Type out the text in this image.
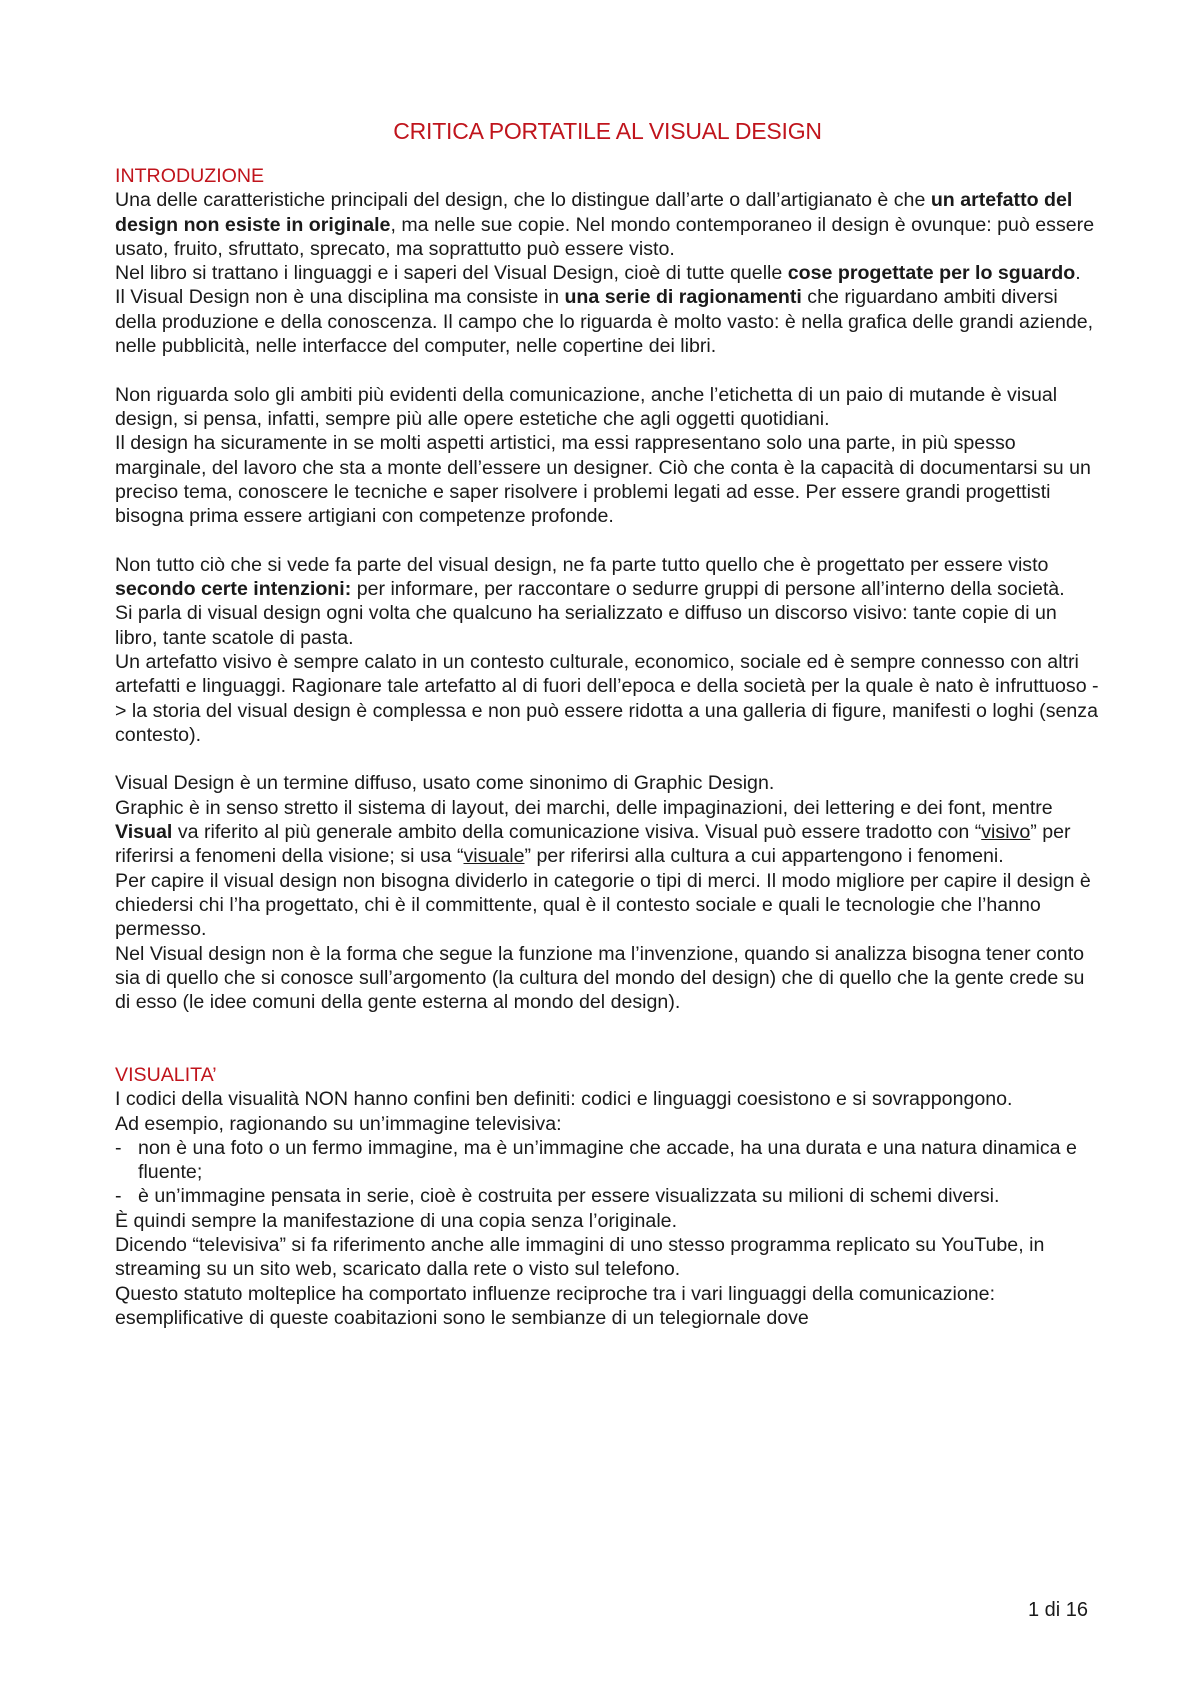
CRITICA PORTATILE AL VISUAL DESIGN
INTRODUZIONE

Una delle caratteristiche principali del design, che lo distingue dall’arte o dall’artigianato è che un artefatto del design non esiste in originale, ma nelle sue copie. Nel mondo contemporaneo il design è ovunque: può essere usato, fruito, sfruttato, sprecato, ma soprattutto può essere visto.

Nel libro si trattano i linguaggi e i saperi del Visual Design, cioè di tutte quelle cose progettate per lo sguardo.

Il Visual Design non è una disciplina ma consiste in una serie di ragionamenti che riguardano ambiti diversi della produzione e della conoscenza. Il campo che lo riguarda è molto vasto: è nella grafica delle grandi aziende, nelle pubblicità, nelle interfacce del computer, nelle copertine dei libri.

Non riguarda solo gli ambiti più evidenti della comunicazione, anche l’etichetta di un paio di mutande è visual design, si pensa, infatti, sempre più alle opere estetiche che agli oggetti quotidiani.

Il design ha sicuramente in se molti aspetti artistici, ma essi rappresentano solo una parte, in più spesso marginale, del lavoro che sta a monte dell’essere un designer. Ciò che conta è la capacità di documentarsi su un preciso tema, conoscere le tecniche e saper risolvere i problemi legati ad esse. Per essere grandi progettisti bisogna prima essere artigiani con competenze profonde.

Non tutto ciò che si vede fa parte del visual design, ne fa parte tutto quello che è progettato per essere visto secondo certe intenzioni: per informare, per raccontare o sedurre gruppi di persone all’interno della società.

Si parla di visual design ogni volta che qualcuno ha serializzato e diffuso un discorso visivo: tante copie di un libro, tante scatole di pasta.

Un artefatto visivo è sempre calato in un contesto culturale, economico, sociale ed è sempre connesso con altri artefatti e linguaggi. Ragionare tale artefatto al di fuori dell’epoca e della società per la quale è nato è infruttuoso -> la storia del visual design è complessa e non può essere ridotta a una galleria di figure, manifesti o loghi (senza contesto).

Visual Design è un termine diffuso, usato come sinonimo di Graphic Design.

Graphic è in senso stretto il sistema di layout, dei marchi, delle impaginazioni, dei lettering e dei font, mentre Visual va riferito al più generale ambito della comunicazione visiva. Visual può essere tradotto con “visivo” per riferirsi a fenomeni della visione; si usa “visuale” per riferirsi alla cultura a cui appartengono i fenomeni.

Per capire il visual design non bisogna dividerlo in categorie o tipi di merci. Il modo migliore per capire il design è chiedersi chi l’ha progettato, chi è il committente, qual è il contesto sociale e quali le tecnologie che l’hanno permesso.

Nel Visual design non è la forma che segue la funzione ma l’invenzione, quando si analizza bisogna tener conto sia di quello che si conosce sull’argomento (la cultura del mondo del design) che di quello che la gente crede su di esso (le idee comuni della gente esterna al mondo del design).

VISUALITA’

I codici della visualità NON hanno confini ben definiti: codici e linguaggi coesistono e si sovrappongono.

Ad esempio, ragionando su un’immagine televisiva:

- non è una foto o un fermo immagine, ma è un’immagine che accade, ha una durata e una natura dinamica e fluente;
- è un’immagine pensata in serie, cioè è costruita per essere visualizzata su milioni di schemi diversi.

È quindi sempre la manifestazione di una copia senza l’originale.

Dicendo “televisiva” si fa riferimento anche alle immagini di uno stesso programma replicato su YouTube, in streaming su un sito web, scaricato dalla rete o visto sul telefono.

Questo statuto molteplice ha comportato influenze reciproche tra i vari linguaggi della comunicazione: esemplificative di queste coabitazioni sono le sembianze di un telegiornale dove

1 di 16
